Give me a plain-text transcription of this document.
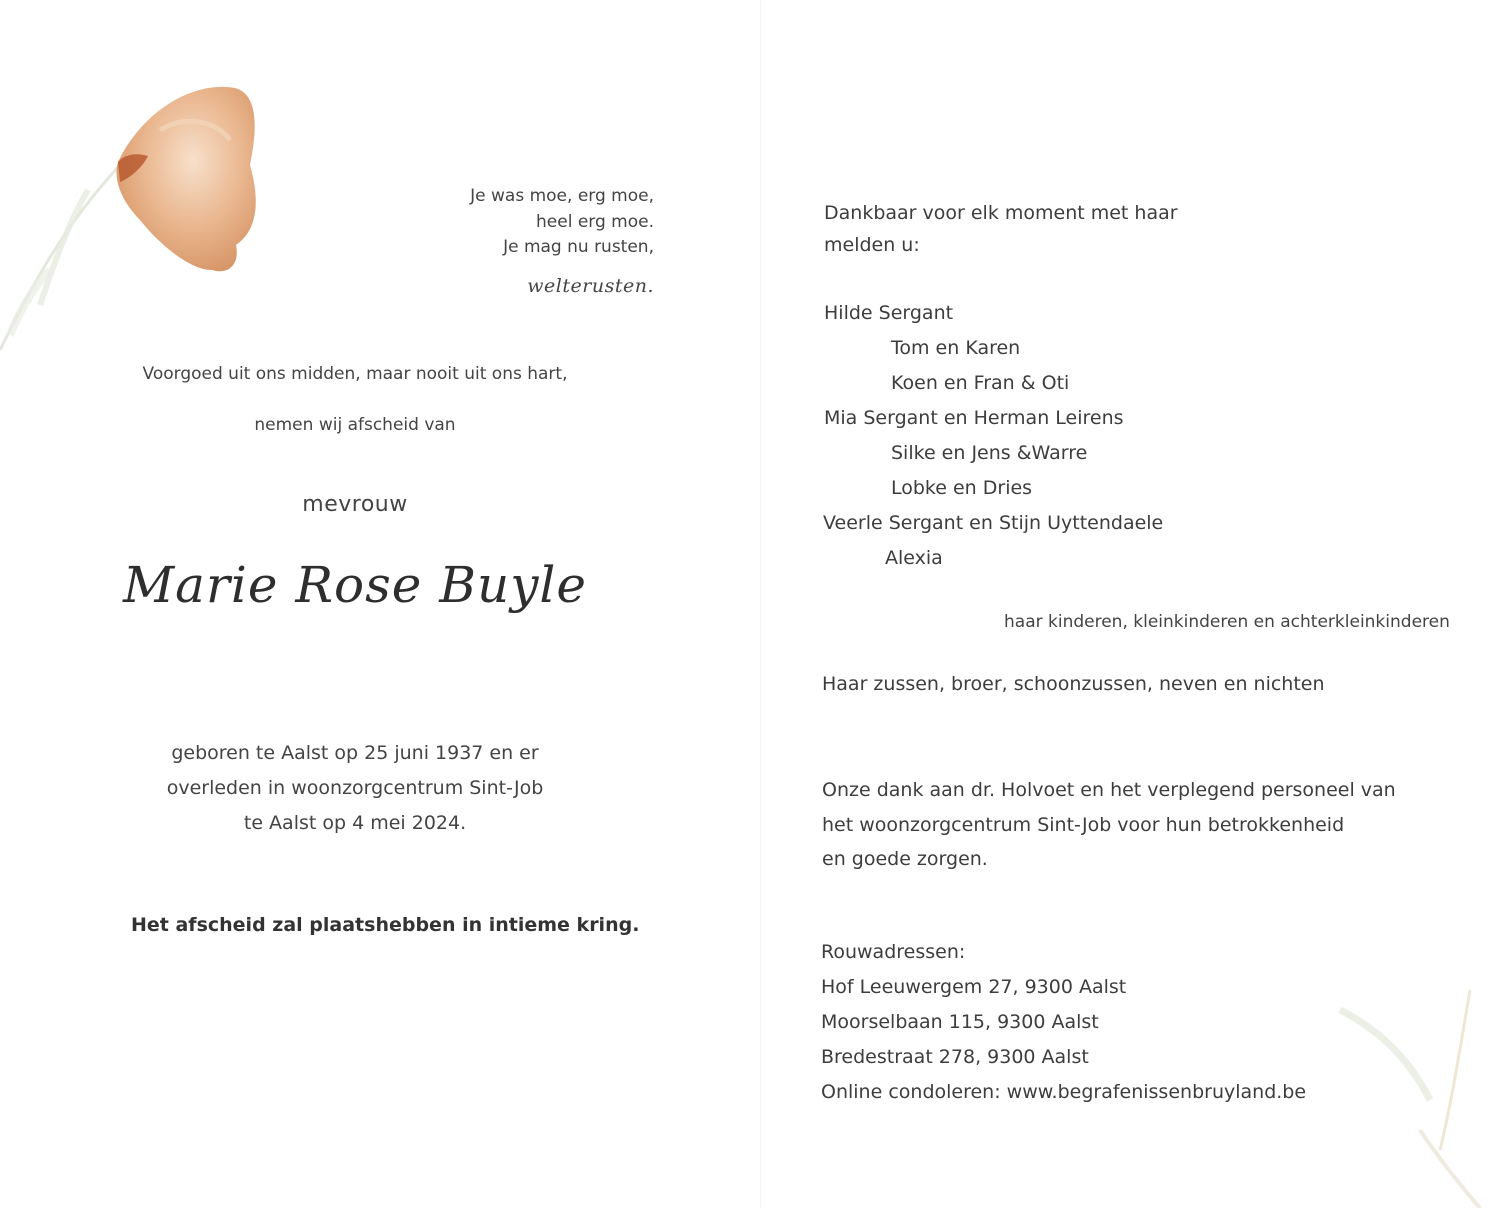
Je was moe, erg moe,
heel erg moe.
Je mag nu rusten,
welterusten.
Voorgoed uit ons midden, maar nooit uit ons hart,
nemen wij afscheid van
mevrouw
Marie Rose Buyle
geboren te Aalst op 25 juni 1937 en er
overleden in woonzorgcentrum Sint-Job
te Aalst op 4 mei 2024.
Het afscheid zal plaatshebben in intieme kring.
Dankbaar voor elk moment met haar
melden u:
Hilde Sergant
Tom en Karen
Koen en Fran & Oti
Mia Sergant en Herman Leirens
Silke en Jens &Warre
Lobke en Dries
Veerle Sergant en Stijn Uyttendaele
Alexia
haar kinderen, kleinkinderen en achterkleinkinderen
Haar zussen, broer, schoonzussen, neven en nichten
Onze dank aan dr. Holvoet en het verplegend personeel van
het woonzorgcentrum Sint-Job voor hun betrokkenheid
en goede zorgen.
Rouwadressen:
Hof Leeuwergem 27, 9300 Aalst
Moorselbaan 115, 9300 Aalst
Bredestraat 278, 9300 Aalst
Online condoleren: www.begrafenissenbruyland.be
